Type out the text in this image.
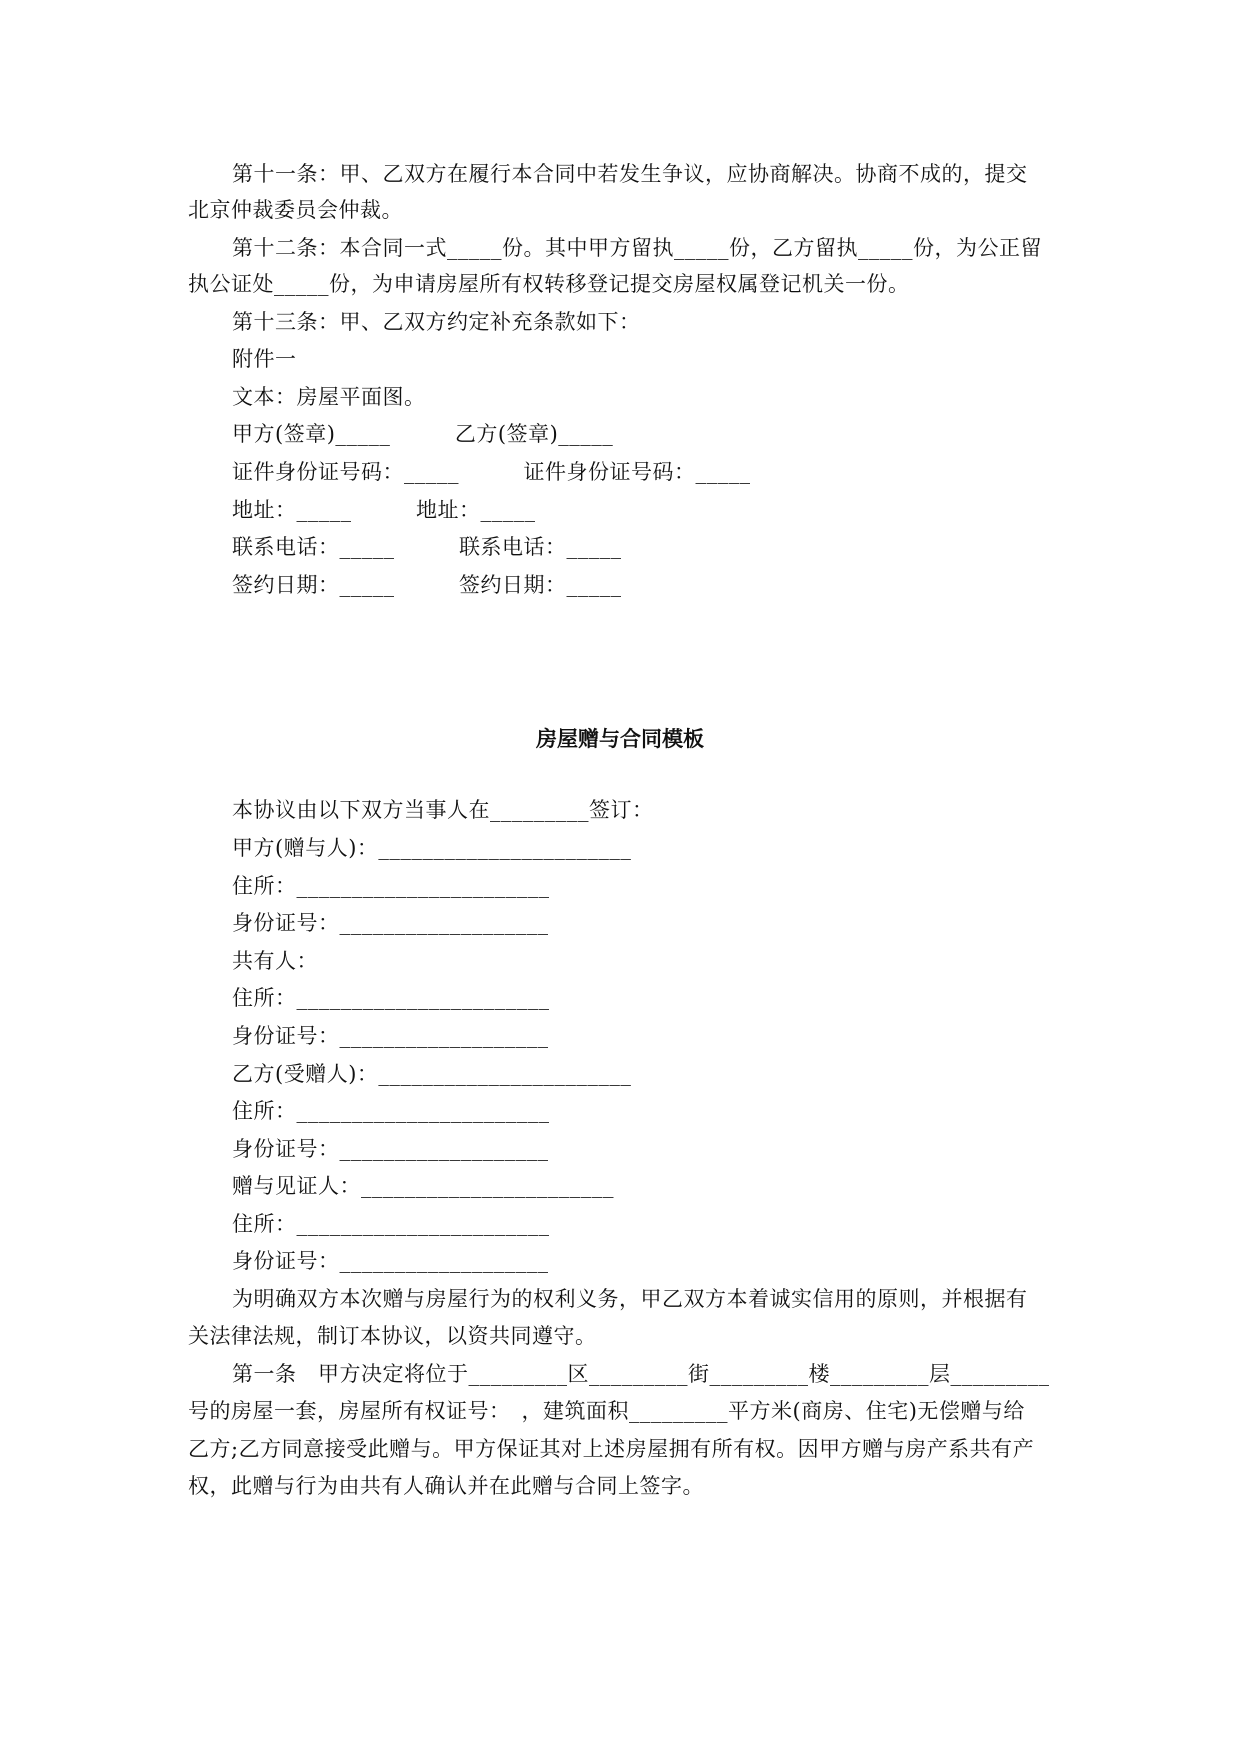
第十一条：甲、乙双方在履行本合同中若发生争议，应协商解决。协商不成的，提交
北京仲裁委员会仲裁。
第十二条：本合同一式_____份。其中甲方留执_____份，乙方留执_____份，为公正留
执公证处_____份，为申请房屋所有权转移登记提交房屋权属登记机关一份。
第十三条：甲、乙双方约定补充条款如下：
附件一
文本：房屋平面图。
甲方(签章)_____　　　乙方(签章)_____
证件身份证号码：_____　　　证件身份证号码：_____
地址：_____　　　地址：_____
联系电话：_____　　　联系电话：_____
签约日期：_____　　　签约日期：_____
房屋赠与合同模板
本协议由以下双方当事人在_________签订：
甲方(赠与人)：_______________________
住所：_______________________
身份证号：___________________
共有人：
住所：_______________________
身份证号：___________________
乙方(受赠人)：_______________________
住所：_______________________
身份证号：___________________
赠与见证人：_______________________
住所：_______________________
身份证号：___________________
为明确双方本次赠与房屋行为的权利义务，甲乙双方本着诚实信用的原则，并根据有
关法律法规，制订本协议，以资共同遵守。
第一条　甲方决定将位于_________区_________街_________楼_________层_________
号的房屋一套，房屋所有权证号：　，建筑面积_________平方米(商房、住宅)无偿赠与给
乙方;乙方同意接受此赠与。甲方保证其对上述房屋拥有所有权。因甲方赠与房产系共有产
权，此赠与行为由共有人确认并在此赠与合同上签字。
